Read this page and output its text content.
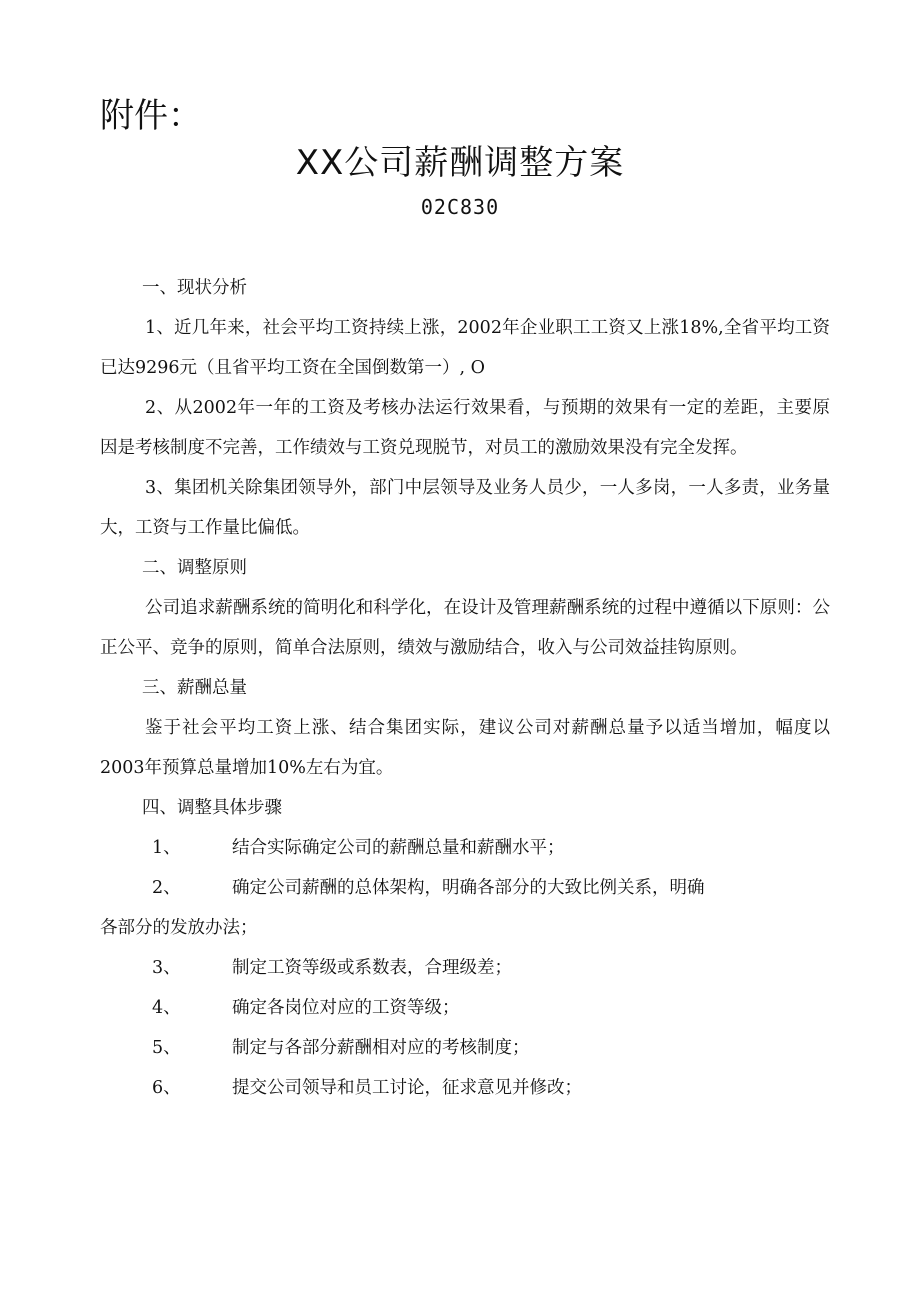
附件：
XX公司薪酬调整方案
02C830

一、现状分析

1、近几年来，社会平均工资持续上涨，2002年企业职工工资又上涨18%,全省平均工资已达9296元（且省平均工资在全国倒数第一）, O

2、从2002年一年的工资及考核办法运行效果看，与预期的效果有一定的差距，主要原因是考核制度不完善，工作绩效与工资兑现脱节，对员工的激励效果没有完全发挥。

3、集团机关除集团领导外，部门中层领导及业务人员少，一人多岗，一人多责，业务量大，工资与工作量比偏低。

二、调整原则

公司追求薪酬系统的简明化和科学化，在设计及管理薪酬系统的过程中遵循以下原则：公正公平、竞争的原则，简单合法原则，绩效与激励结合，收入与公司效益挂钩原则。

三、薪酬总量

鉴于社会平均工资上涨、结合集团实际，建议公司对薪酬总量予以适当增加，幅度以2003年预算总量增加10%左右为宜。

四、调整具体步骤

1、	结合实际确定公司的薪酬总量和薪酬水平；
2、	确定公司薪酬的总体架构，明确各部分的大致比例关系，明确

各部分的发放办法；

3、	制定工资等级或系数表，合理级差；
4、	确定各岗位对应的工资等级；
5、	制定与各部分薪酬相对应的考核制度；
6、	提交公司领导和员工讨论，征求意见并修改；
